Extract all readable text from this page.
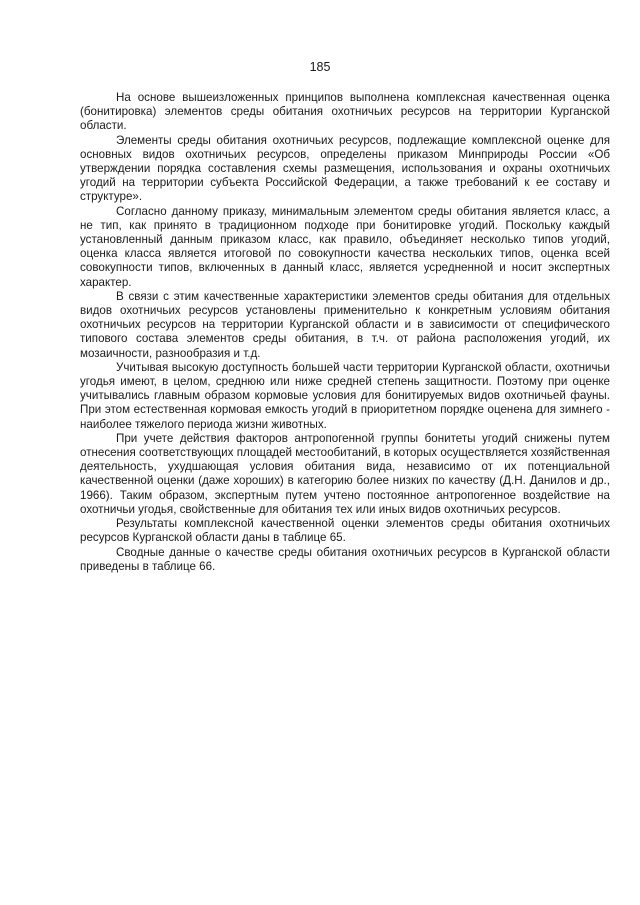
185

На основе вышеизложенных принципов выполнена комплексная качественная оценка (бонитировка) элементов среды обитания охотничьих ресурсов на территории Курганской области.

Элементы среды обитания охотничьих ресурсов, подлежащие комплексной оценке для основных видов охотничьих ресурсов, определены приказом Минприроды России «Об утверждении порядка составления схемы размещения, использования и охраны охотничьих угодий на территории субъекта Российской Федерации, а также требований к ее составу и структуре».

Согласно данному приказу, минимальным элементом среды обитания является класс, а не тип, как принято в традиционном подходе при бонитировке угодий. Поскольку каждый установленный данным приказом класс, как правило, объединяет несколько типов угодий, оценка класса является итоговой по совокупности качества нескольких типов, оценка всей совокупности типов, включенных в данный класс, является усредненной и носит экспертных характер.

В связи с этим качественные характеристики элементов среды обитания для отдельных видов охотничьих ресурсов установлены применительно к конкретным условиям обитания охотничьих ресурсов на территории Курганской области и в зависимости от специфического типового состава элементов среды обитания, в т.ч. от района расположения угодий, их мозаичности, разнообразия и т.д.

Учитывая высокую доступность большей части территории Курганской области, охотничьи угодья имеют, в целом, среднюю или ниже средней степень защитности. Поэтому при оценке учитывались главным образом кормовые условия для бонитируемых видов охотничьей фауны. При этом естественная кормовая емкость угодий в приоритетном порядке оценена для зимнего - наиболее тяжелого периода жизни животных.

При учете действия факторов антропогенной группы бонитеты угодий снижены путем отнесения соответствующих площадей местообитаний, в которых осуществляется хозяйственная деятельность, ухудшающая условия обитания вида, независимо от их потенциальной качественной оценки (даже хороших) в категорию более низких по качеству (Д.Н. Данилов и др., 1966). Таким образом, экспертным путем учтено постоянное антропогенное воздействие на охотничьи угодья, свойственные для обитания тех или иных видов охотничьих ресурсов.

Результаты комплексной качественной оценки элементов среды обитания охотничьих ресурсов Курганской области даны в таблице 65.

Сводные данные о качестве среды обитания охотничьих ресурсов в Курганской области приведены в таблице 66.
